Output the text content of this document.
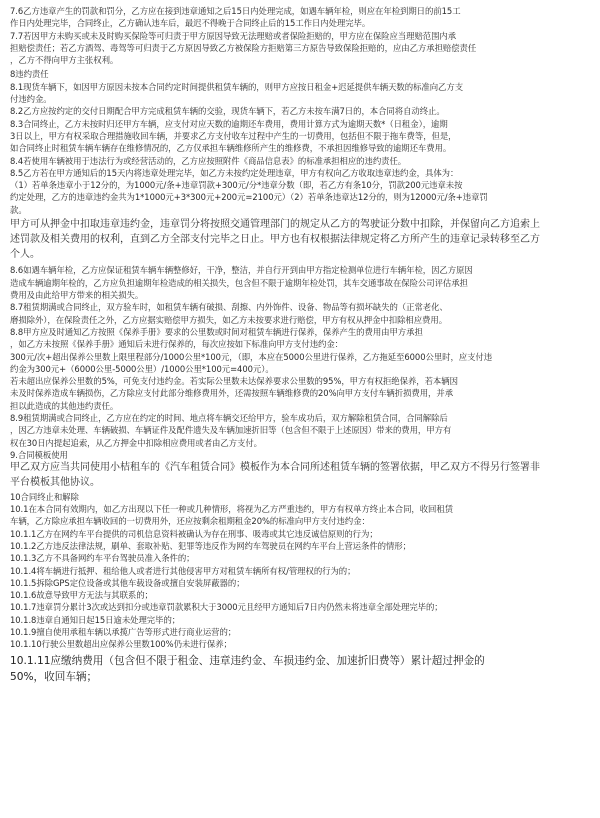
7.6乙方违章产生的罚款和罚分，乙方应在接到违章通知之后15日内处理完成，如遇车辆年检，则应在年检到期日的前15工
作日内处理完毕，合同终止，乙方确认违车后，最迟不得晚于合同终止后的15工作日内处理完毕。
7.7若因甲方未购买或未及时购买保险等可归责于甲方原因导致无法理赔或者保险拒赔的，甲方应在保险应当理赔范围内承
担赔偿责任；若乙方酒驾、毒驾等可归责于乙方原因导致乙方被保险方拒赔第三方原告导致保险拒赔的，应由乙方承担赔偿责任
，乙方不得向甲方主张权利。
8违约责任
8.1现货车辆下，如因甲方原因未按本合同约定时间提供租赁车辆的，则甲方应按日租金+迟延提供车辆天数的标准向乙方支
付违约金。
8.2乙方应按约定的交付日期配合甲方完成租赁车辆的交验，现货车辆下，若乙方未按车满7日的，本合同将自动终止。
8.3合同终止，乙方未按时归还甲方车辆，应支付对应天数的逾期还车费用，费用计算方式为逾期天数*（日租金），逾期
3日以上，甲方有权采取合理措施收回车辆，并要求乙方支付收车过程中产生的一切费用，包括但不限于拖车费等，但是，
如合同终止时租赁车辆车辆存在维修情况的，乙方仅承担车辆维修所产生的维修费，不承担因维修导致的逾期还车费用。
8.4若使用车辆被用于违法行为或经营活动的，乙方应按照附件《商品信息表》的标准承担相应的违约责任。
8.5乙方若在甲方通知后的15天内将违章处理完毕，如乙方未按约定处理违章，甲方有权向乙方收取违章违约金，具体为：
（1）若单条违章小于12分的，为1000元/条+违章罚款+300元/分*违章分数（即，若乙方有条10分，罚款200元违章未按
约定处理，乙方的违章违约金共为1*1000元+3*300元+200元=2100元）（2）若单条违章达12分的，则为12000元/条+违章罚
款。
甲方可从押金中扣取违章违约金，违章罚分将按照交通管理部门的规定从乙方的驾驶证分数中扣除，并保留向乙方追索上
述罚款及相关费用的权利，直到乙方全部支付完毕之日止。甲方也有权根据法律规定将乙方所产生的违章记录转移至乙方
个人。
8.6如遇车辆年检，乙方应保证租赁车辆车辆整修好，干净，整洁，并自行开到由甲方指定检测单位进行车辆年检，因乙方原因
造成车辆逾期年检的，乙方应负担逾期年检造成的相关损失，包含但不限于逾期年检处罚，其车交通事故在保险公司评估承担
费用及由此给甲方带来的相关损失。
8.7租赁期满或合同终止，双方验车时，如租赁车辆有破损、刮擦、内外饰件、设备、物品等有损坏缺失的（正常老化、
磨损除外），在保险责任之外，乙方应据实赔偿甲方损失，如乙方未按要求进行赔偿，甲方有权从押金中扣除相应费用。
8.8甲方应及时通知乙方按照《保养手册》要求的公里数或时间对租赁车辆进行保养，保养产生的费用由甲方承担
，如乙方未按照《保养手册》通知后未进行保养的，每次应按如下标准向甲方支付违约金：
300元/次+超出保养公里数上限里程部分/1000公里*100元，（即，本应在5000公里进行保养，乙方拖延至6000公里时，应支付违
约金为300元+（6000公里-5000公里）/1000公里*100元=400元）。
若未超出应保养公里数的5%，可免支付违约金。若实际公里数未达保养要求公里数的95%，甲方有权拒绝保养，若本辆因
未及时保养造成车辆损伤，乙方除应支付此部分维修费用外，还需按照车辆维修费的20%向甲方支付车辆折损费用，并承
担以此造成的其他违约责任。
8.9租赁期满或合同终止，乙方应在约定的时间、地点将车辆交还给甲方，验车成功后，双方解除租赁合同，合同解除后
，因乙方违章未处理、车辆破损、车辆证件及配件遗失及车辆加速折旧等（包含但不限于上述原因）带来的费用，甲方有
权在30日内提起追索，从乙方押金中扣除相应费用或者由乙方支付。
9.合同模板使用
甲乙双方应当共同使用小桔租车的《汽车租赁合同》模板作为本合同所述租赁车辆的签署依据，甲乙双方不得另行签署非
平台模板其他协议。
10合同终止和解除
10.1在本合同有效期内，如乙方出现以下任一种或几种情形，将视为乙方严重违约，甲方有权单方终止本合同，收回租赁
车辆，乙方除应承担车辆收回的一切费用外，还应按剩余租期租金20%的标准向甲方支付违约金：
10.1.1乙方在网约车平台提供的司机信息资料被确认为存在刑事、吸毒或其它违反诚信原则的行为；
10.1.2乙方违反法律法规，刷单、套取补贴、犯罪等违反作为网约车驾驶员在网约车平台上营运条件的情形；
10.1.3乙方不具备网约车平台驾驶员准入条件的；
10.1.4将车辆进行抵押、租给他人或者进行其他侵害甲方对租赁车辆所有权/管理权的行为的；
10.1.5拆除GPS定位设备或其他车载设备或擅自安装屏蔽器的；
10.1.6故意导致甲方无法与其联系的；
10.1.7违章罚分累计3次或达到扣分或违章罚款累积大于3000元且经甲方通知后7日内仍然未将违章全部处理完毕的；
10.1.8违章自通知日起15日逾未处理完毕的；
10.1.9擅自使用承租车辆以承揽广告等形式进行商业运营的；
10.1.10行驶公里数超出应保养公里数100%仍未进行保养；
10.1.11应缴纳费用（包含但不限于租金、违章违约金、车损违约金、加速折旧费等）累计超过押金的
50%，收回车辆；
